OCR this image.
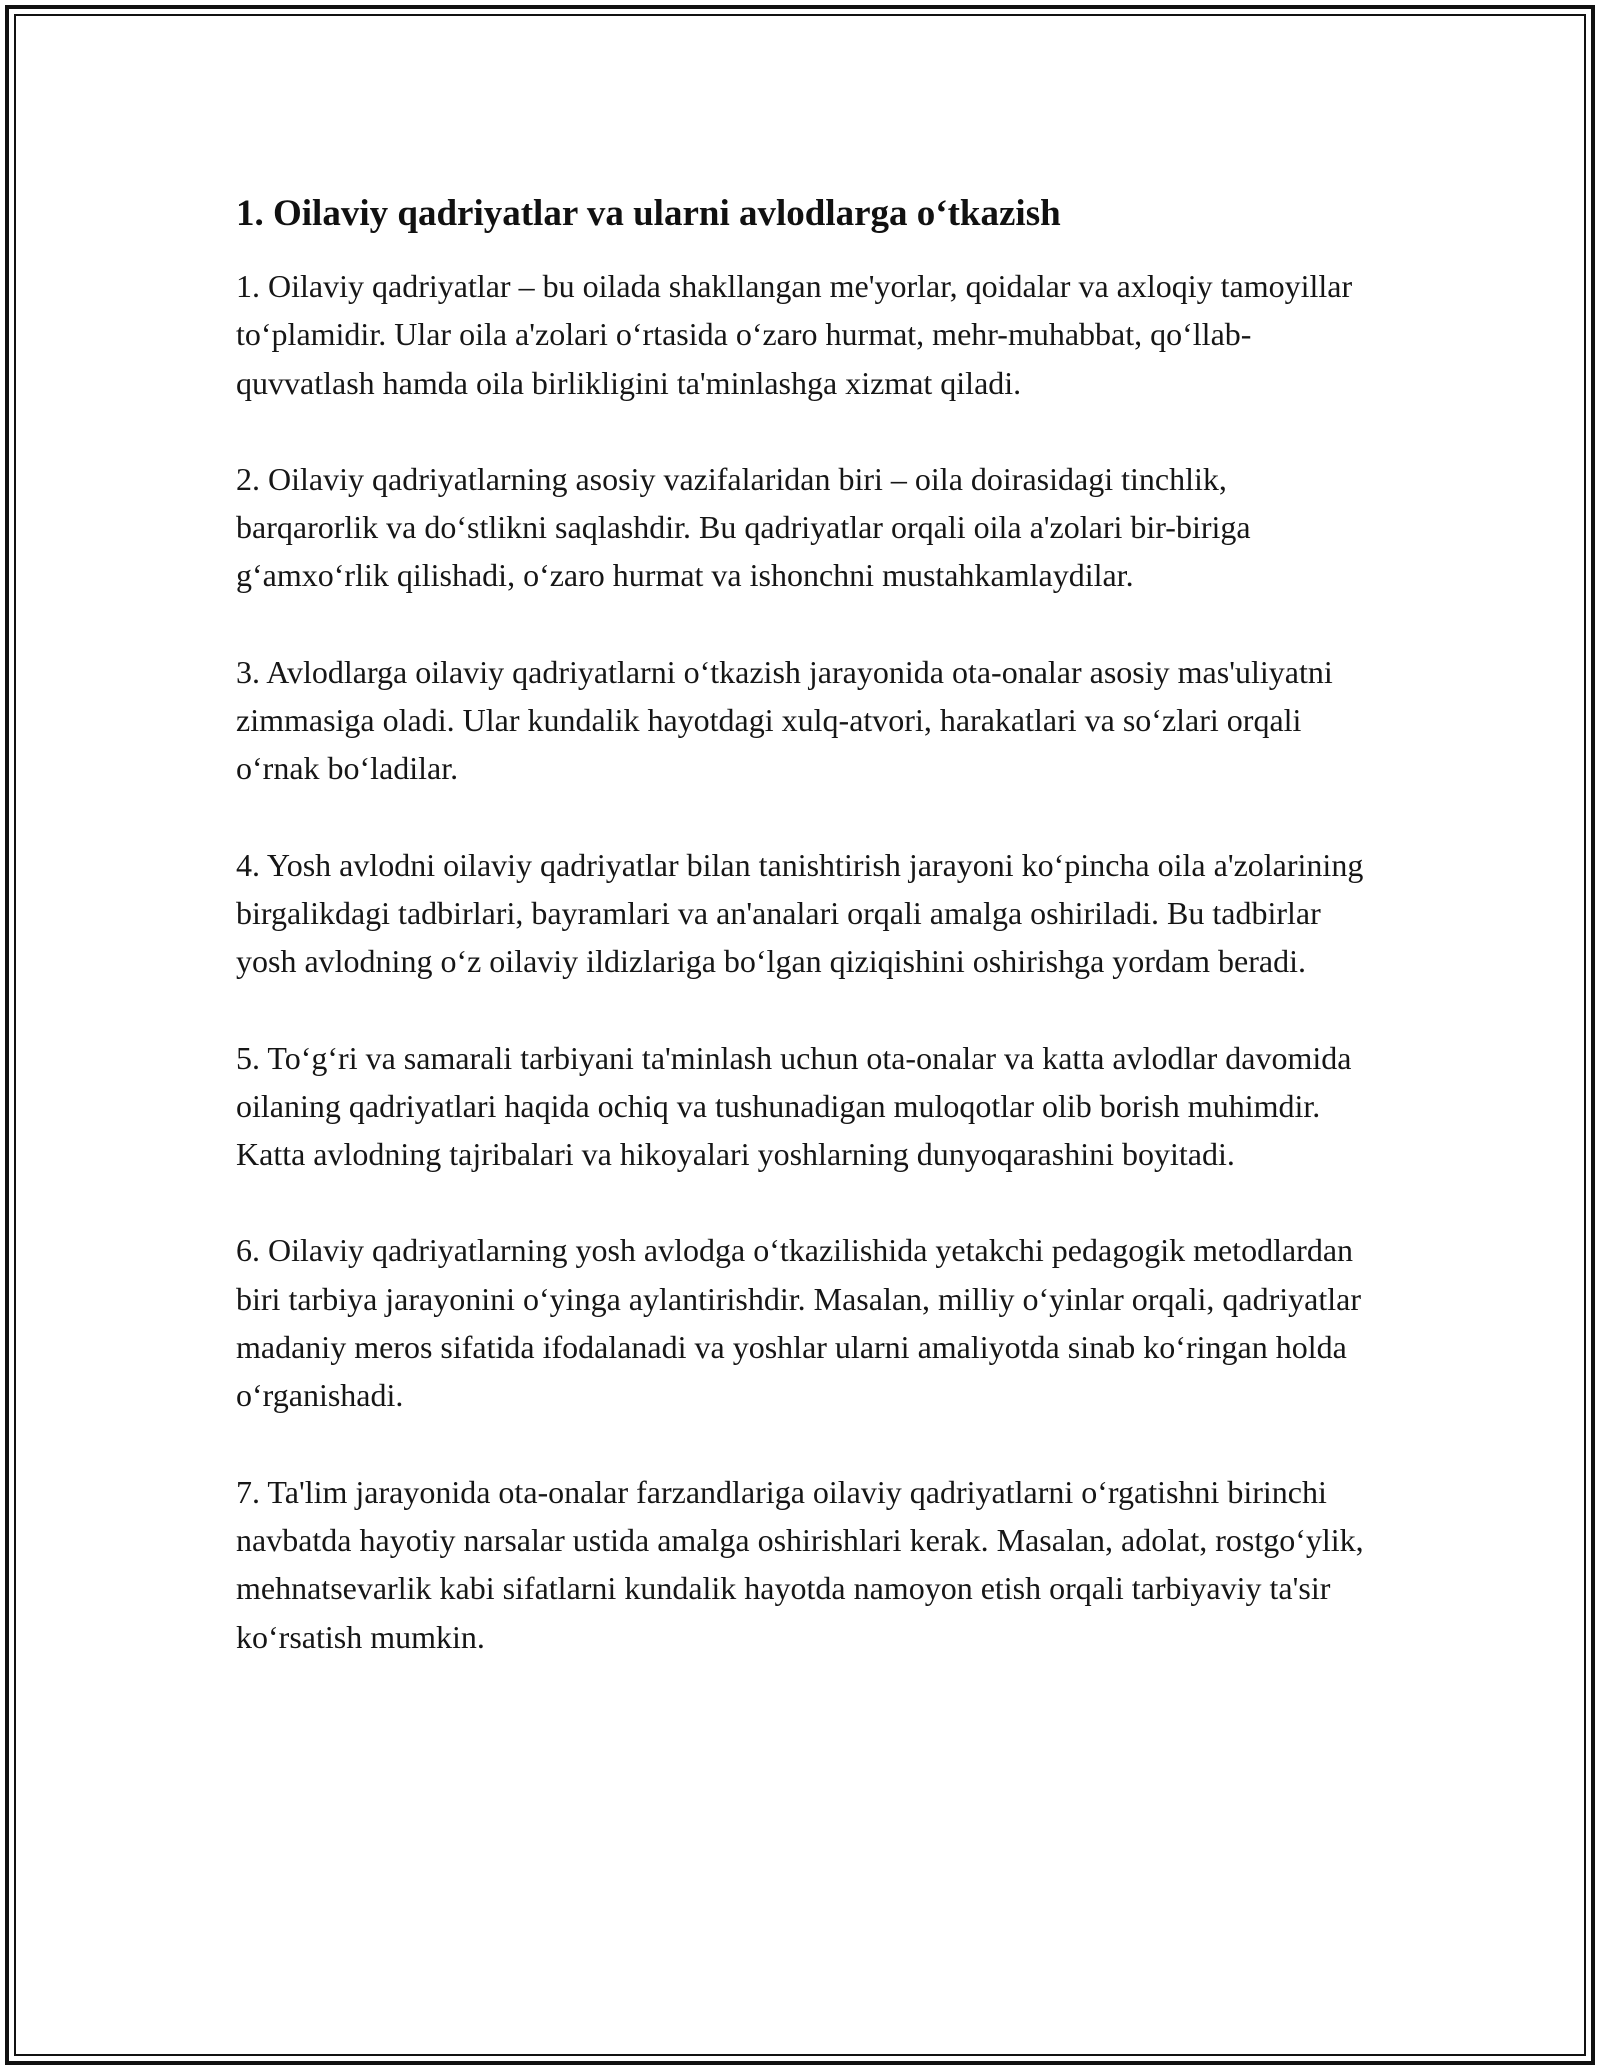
1. Oilaviy qadriyatlar va ularni avlodlarga o‘tkazish

1. Oilaviy qadriyatlar – bu oilada shakllangan me'yorlar, qoidalar va axloqiy tamoyillar to‘plamidir. Ular oila a'zolari o‘rtasida o‘zaro hurmat, mehr-muhabbat, qo‘llab-quvvatlash hamda oila birlikligini ta'minlashga xizmat qiladi.

2. Oilaviy qadriyatlarning asosiy vazifalaridan biri – oila doirasidagi tinchlik, barqarorlik va do‘stlikni saqlashdir. Bu qadriyatlar orqali oila a'zolari bir-biriga g‘amxo‘rlik qilishadi, o‘zaro hurmat va ishonchni mustahkamlaydilar.

3. Avlodlarga oilaviy qadriyatlarni o‘tkazish jarayonida ota-onalar asosiy mas'uliyatni zimmasiga oladi. Ular kundalik hayotdagi xulq-atvori, harakatlari va so‘zlari orqali o‘rnak bo‘ladilar.

4. Yosh avlodni oilaviy qadriyatlar bilan tanishtirish jarayoni ko‘pincha oila a'zolarining birgalikdagi tadbirlari, bayramlari va an'analari orqali amalga oshiriladi. Bu tadbirlar yosh avlodning o‘z oilaviy ildizlariga bo‘lgan qiziqishini oshirishga yordam beradi.

5. To‘g‘ri va samarali tarbiyani ta'minlash uchun ota-onalar va katta avlodlar davomida oilaning qadriyatlari haqida ochiq va tushunadigan muloqotlar olib borish muhimdir. Katta avlodning tajribalari va hikoyalari yoshlarning dunyoqarashini boyitadi.

6. Oilaviy qadriyatlarning yosh avlodga o‘tkazilishida yetakchi pedagogik metodlardan biri tarbiya jarayonini o‘yinga aylantirishdir. Masalan, milliy o‘yinlar orqali, qadriyatlar madaniy meros sifatida ifodalanadi va yoshlar ularni amaliyotda sinab ko‘ringan holda o‘rganishadi.

7. Ta'lim jarayonida ota-onalar farzandlariga oilaviy qadriyatlarni o‘rgatishni birinchi navbatda hayotiy narsalar ustida amalga oshirishlari kerak. Masalan, adolat, rostgo‘ylik, mehnatsevarlik kabi sifatlarni kundalik hayotda namoyon etish orqali tarbiyaviy ta'sir ko‘rsatish mumkin.
